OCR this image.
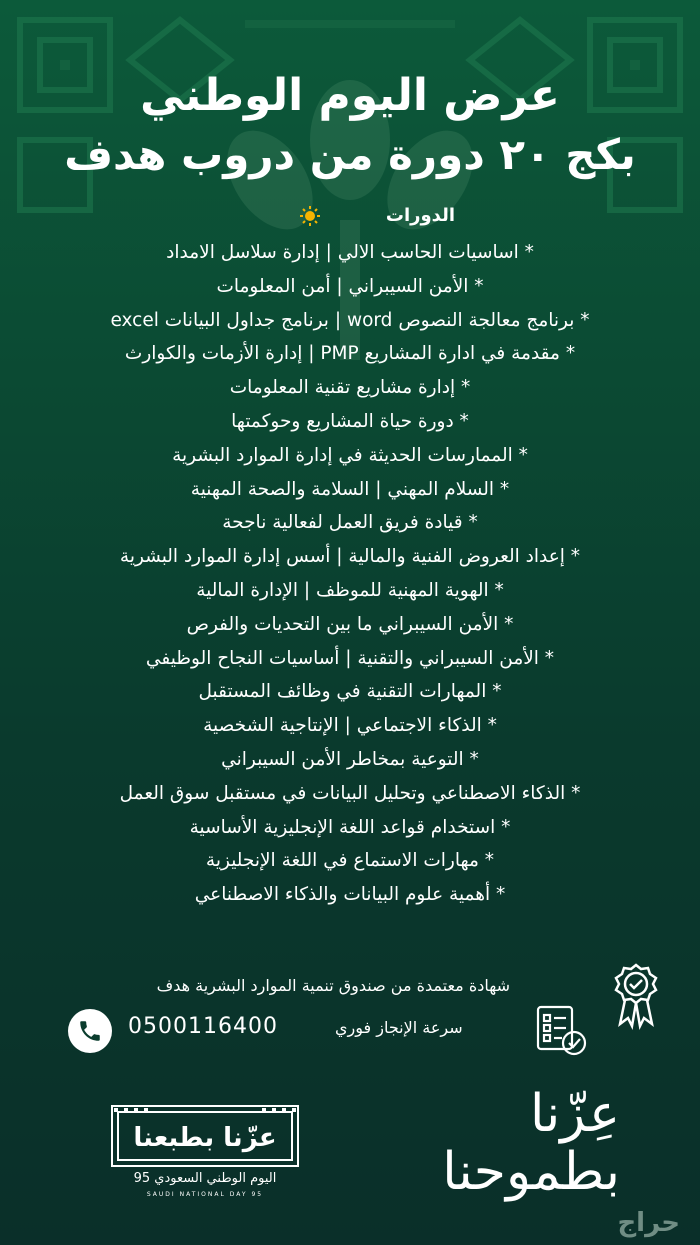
عرض اليوم الوطني
بكج ٢٠ دورة من دروب هدف
الدورات
* اساسيات الحاسب الالي | إدارة سلاسل الامداد
* الأمن السيبراني | أمن المعلومات
* برنامج معالجة النصوص word | برنامج جداول البيانات excel
* مقدمة في ادارة المشاريع PMP | إدارة الأزمات والكوارث
* إدارة مشاريع تقنية المعلومات
* دورة حياة المشاريع وحوكمتها
* الممارسات الحديثة في إدارة الموارد البشرية
* السلام المهني | السلامة والصحة المهنية
* قيادة فريق العمل لفعالية ناجحة
* إعداد العروض الفنية والمالية | أسس إدارة الموارد البشرية
* الهوية المهنية للموظف | الإدارة المالية
* الأمن السيبراني ما بين التحديات والفرص
* الأمن السيبراني والتقنية | أساسيات النجاح الوظيفي
* المهارات التقنية في وظائف المستقبل
* الذكاء الاجتماعي | الإنتاجية الشخصية
* التوعية بمخاطر الأمن السيبراني
* الذكاء الاصطناعي وتحليل البيانات في مستقبل سوق العمل
* استخدام قواعد اللغة الإنجليزية الأساسية
* مهارات الاستماع في اللغة الإنجليزية
* أهمية علوم البيانات والذكاء الاصطناعي
شهادة معتمدة من صندوق تنمية الموارد البشرية هدف
0500116400	سرعة الإنجاز فوري
عزّنا بطبعنا
اليوم الوطني السعودي 95
SAUDI NATIONAL DAY 95
عِزّنا
بطموحنا
حراج
